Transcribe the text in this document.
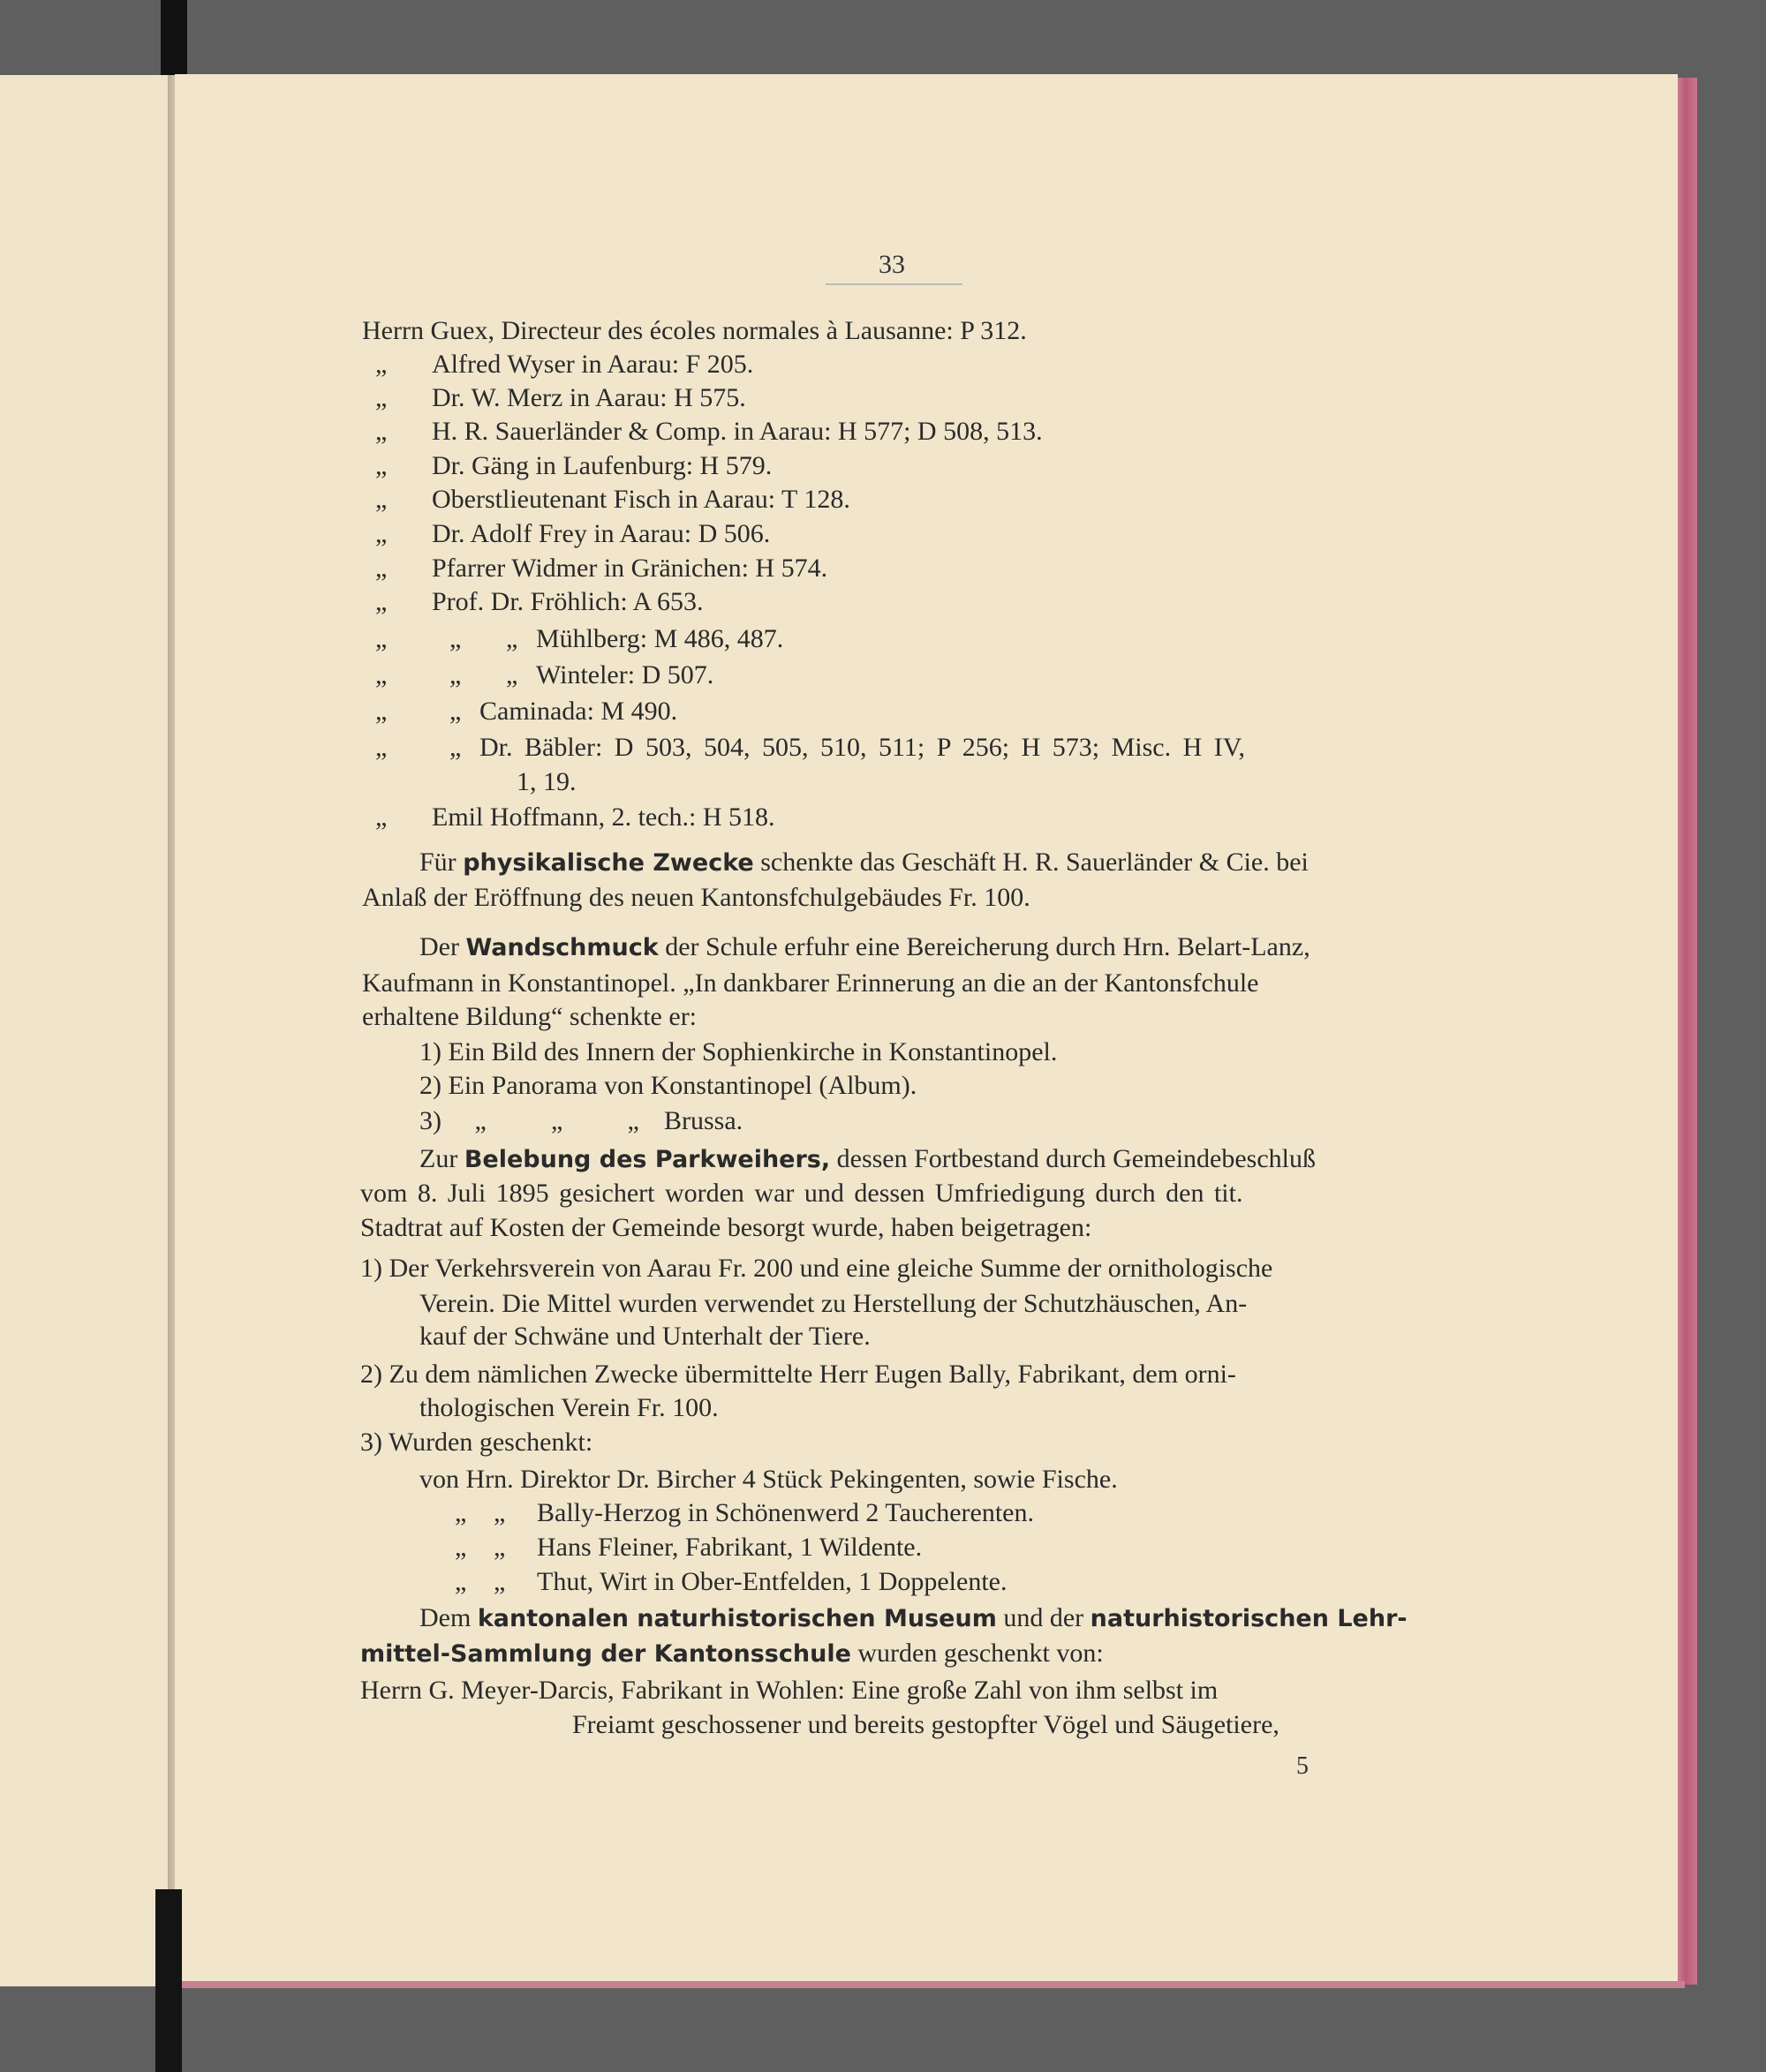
33
Herrn Guex, Directeur des écoles normales à Lausanne: P 312.
„ Alfred Wyser in Aarau: F 205.
„ Dr. W. Merz in Aarau: H 575.
„ H. R. Sauerländer & Comp. in Aarau: H 577; D 508, 513.
„ Dr. Gäng in Laufenburg: H 579.
„ Oberstlieutenant Fisch in Aarau: T 128.
„ Dr. Adolf Frey in Aarau: D 506.
„ Pfarrer Widmer in Gränichen: H 574.
„ Prof. Dr. Fröhlich: A 653.
„ „ „ Mühlberg: M 486, 487.
„ „ „ Winteler: D 507.
„ „ Caminada: M 490.
„ „ Dr. Bäbler: D 503, 504, 505, 510, 511; P 256; H 573; Misc. H IV,
1, 19.
„ Emil Hoffmann, 2. tech.: H 518.
Für physikalische Zwecke schenkte das Geschäft H. R. Sauerländer & Cie. bei
Anlaß der Eröffnung des neuen Kantonsfchulgebäudes Fr. 100.
Der Wandschmuck der Schule erfuhr eine Bereicherung durch Hrn. Belart-Lanz,
Kaufmann in Konstantinopel. „In dankbarer Erinnerung an die an der Kantonsfchule
erhaltene Bildung“ schenkte er:
1) Ein Bild des Innern der Sophienkirche in Konstantinopel.
2) Ein Panorama von Konstantinopel (Album).
3) „ „ „ Brussa.
Zur Belebung des Parkweihers, dessen Fortbestand durch Gemeindebeschluß
vom 8. Juli 1895 gesichert worden war und dessen Umfriedigung durch den tit.
Stadtrat auf Kosten der Gemeinde besorgt wurde, haben beigetragen:
1) Der Verkehrsverein von Aarau Fr. 200 und eine gleiche Summe der ornithologische
Verein. Die Mittel wurden verwendet zu Herstellung der Schutzhäuschen, An-
kauf der Schwäne und Unterhalt der Tiere.
2) Zu dem nämlichen Zwecke übermittelte Herr Eugen Bally, Fabrikant, dem orni-
thologischen Verein Fr. 100.
3) Wurden geschenkt:
von Hrn. Direktor Dr. Bircher 4 Stück Pekingenten, sowie Fische.
„ „ Bally-Herzog in Schönenwerd 2 Taucherenten.
„ „ Hans Fleiner, Fabrikant, 1 Wildente.
„ „ Thut, Wirt in Ober-Entfelden, 1 Doppelente.
Dem kantonalen naturhistorischen Museum und der naturhistorischen Lehr-
mittel-Sammlung der Kantonsschule wurden geschenkt von:
Herrn G. Meyer-Darcis, Fabrikant in Wohlen: Eine große Zahl von ihm selbst im
Freiamt geschossener und bereits gestopfter Vögel und Säugetiere,
5
